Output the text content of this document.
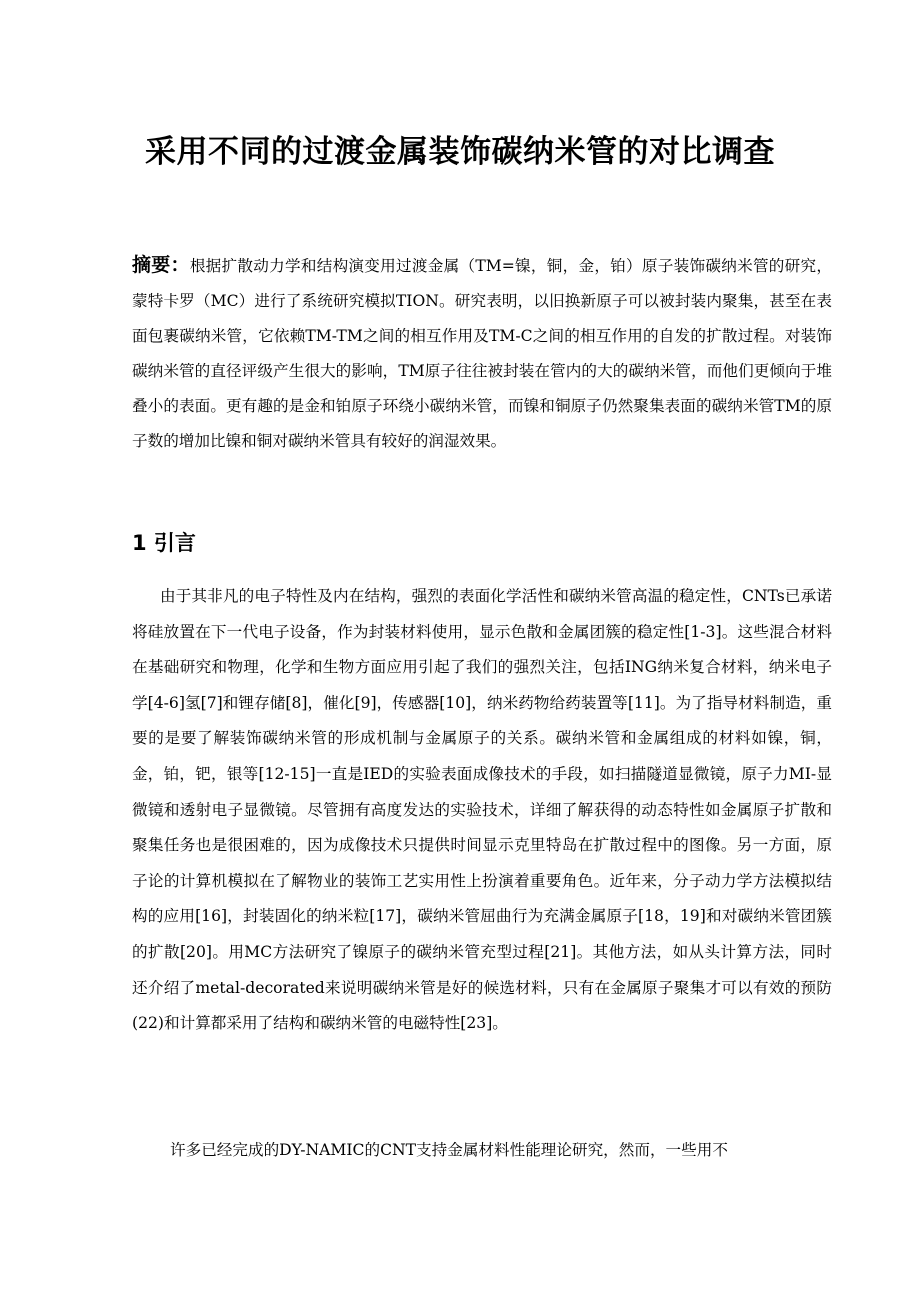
采用不同的过渡金属装饰碳纳米管的对比调查
摘要：根据扩散动力学和结构演变用过渡金属（TM=镍，铜，金，铂）原子装饰碳纳米管的研究，蒙特卡罗（MC）进行了系统研究模拟TION。研究表明，以旧换新原子可以被封装内聚集，甚至在表面包裹碳纳米管，它依赖TM-TM之间的相互作用及TM-C之间的相互作用的自发的扩散过程。对装饰碳纳米管的直径评级产生很大的影响，TM原子往往被封装在管内的大的碳纳米管，而他们更倾向于堆叠小的表面。更有趣的是金和铂原子环绕小碳纳米管，而镍和铜原子仍然聚集表面的碳纳米管TM的原子数的增加比镍和铜对碳纳米管具有较好的润湿效果。
1 引言

由于其非凡的电子特性及内在结构，强烈的表面化学活性和碳纳米管高温的稳定性，CNTs已承诺将硅放置在下一代电子设备，作为封装材料使用，显示色散和金属团簇的稳定性[1-3]。这些混合材料在基础研究和物理，化学和生物方面应用引起了我们的强烈关注，包括ING纳米复合材料，纳米电子学[4-6]氢[7]和锂存储[8]，催化[9]，传感器[10]，纳米药物给药装置等[11]。为了指导材料制造，重要的是要了解装饰碳纳米管的形成机制与金属原子的关系。碳纳米管和金属组成的材料如镍，铜，金，铂，钯，银等[12-15]一直是IED的实验表面成像技术的手段，如扫描隧道显微镜，原子力MI-显微镜和透射电子显微镜。尽管拥有高度发达的实验技术，详细了解获得的动态特性如金属原子扩散和聚集任务也是很困难的，因为成像技术只提供时间显示克里特岛在扩散过程中的图像。另一方面，原子论的计算机模拟在了解物业的装饰工艺实用性上扮演着重要角色。近年来，分子动力学方法模拟结构的应用[16]，封装固化的纳米粒[17]，碳纳米管屈曲行为充满金属原子[18，19]和对碳纳米管团簇的扩散[20]。用MC方法研究了镍原子的碳纳米管充型过程[21]。其他方法，如从头计算方法，同时还介绍了metal-decorated来说明碳纳米管是好的候选材料，只有在金属原子聚集才可以有效的预防(22)和计算都采用了结构和碳纳米管的电磁特性[23]。

许多已经完成的DY-NAMIC的CNT支持金属材料性能理论研究，然而，一些用不
